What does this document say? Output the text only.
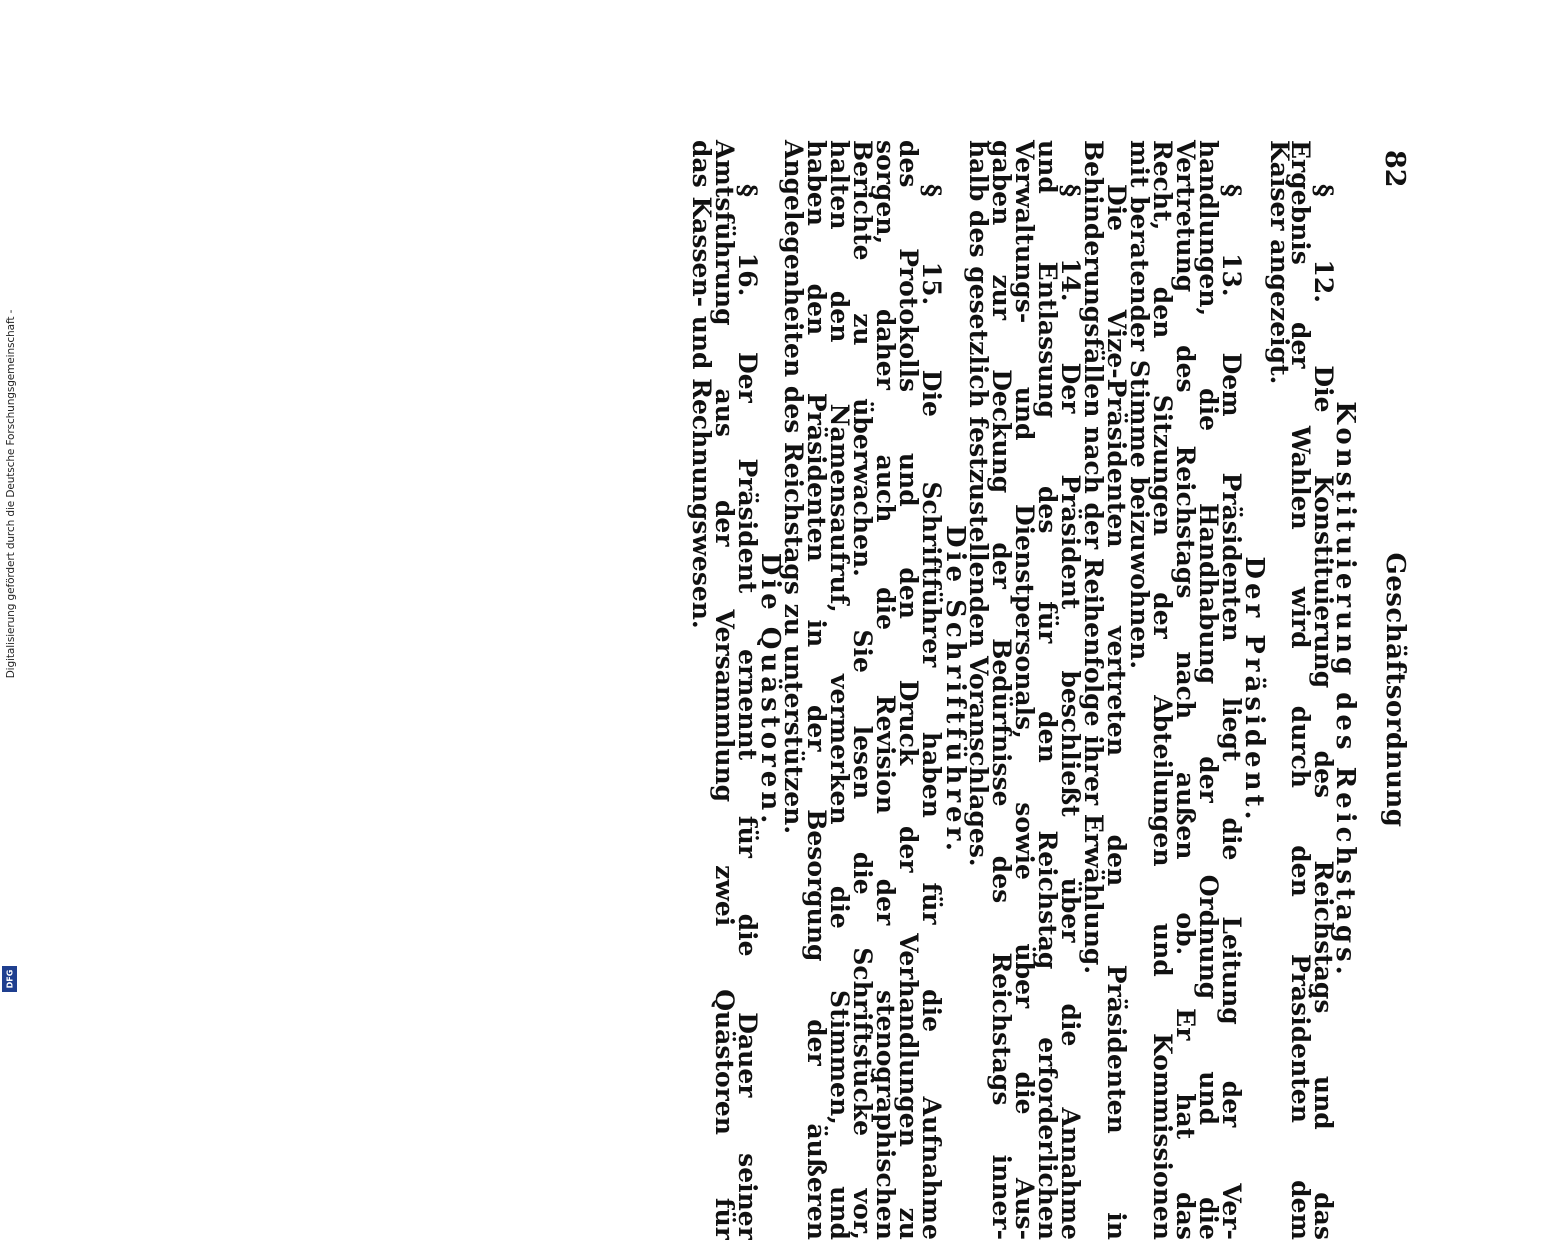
Digitalisierung gefördert durch die Deutsche Forschungsgemeinschaft -
DFG
82
Geschäftsordnung
Konstituierung des Reichstags.
§
12.
Die
Konstituierung
des
Reichstags
und
das
Ergebnis
der
Wahlen
wird
durch
den
Präsidenten
dem
Kaiser angezeigt.
Der Präsident.
§
13.
Dem
Präsidenten
liegt
die
Leitung
der
Ver-
handlungen,
die
Handhabung
der
Ordnung
und
die
Vertretung
des
Reichstags
nach
außen
ob.
Er
hat
das
Recht,
den
Sitzungen
der
Abteilungen
und
Kommissionen
mit beratender Stimme beizuwohnen.
Die
Vize-Präsidenten
vertreten
den
Präsidenten
in
Behinderungsfällen nach der Reihenfolge ihrer Erwählung.
§
14.
Der
Präsident
beschließt
über
die
Annahme
und
Entlassung
des
für
den
Reichstag
erforderlichen
Verwaltungs-
und
Dienstpersonals,
sowie
über
die
Aus-
gaben
zur
Deckung
der
Bedürfnisse
des
Reichstags
inner-
halb des gesetzlich festzustellenden Voranschlages.
Die Schriftführer.
§
15.
Die
Schriftführer
haben
für
die
Aufnahme
des
Protokolls
und
den
Druck
der
Verhandlungen
zu
sorgen,
daher
auch
die
Revision
der
stenographischen
Berichte
zu
überwachen.
Sie
lesen
die
Schriftstücke
vor,
halten
den
Namensaufruf,
vermerken
die
Stimmen,
und
haben
den
Präsidenten
in
der
Besorgung
der
äußeren
Angelegenheiten des Reichstags zu unterstützen.
Die Quästoren.
§
16.
Der
Präsident
ernennt
für
die
Dauer
seiner
Amtsführung
aus
der
Versammlung
zwei
Quästoren
für
das Kassen- und Rechnungswesen.
